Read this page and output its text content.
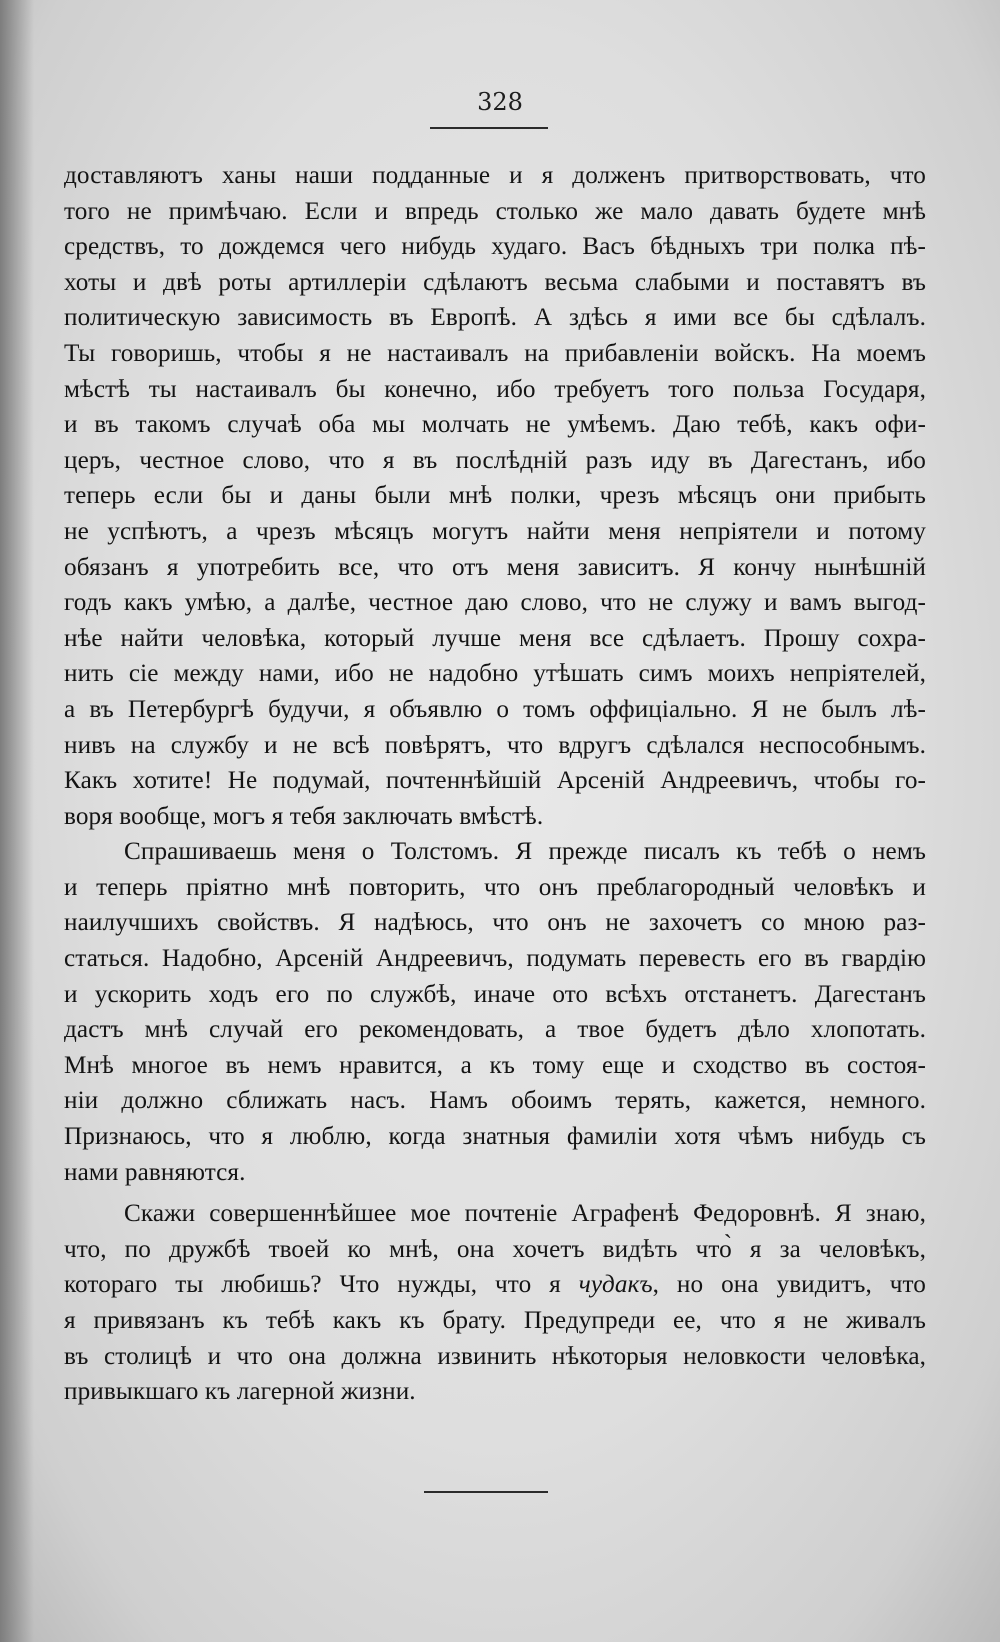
328
доставляютъ ханы наши подданные и я долженъ притворствовать, что
того не примѣчаю. Если и впредь столько же мало давать будете мнѣ
средствъ, то дождемся чего нибудь худаго. Васъ бѣдныхъ три полка пѣ-
хоты и двѣ роты артиллеріи сдѣлаютъ весьма слабыми и поставятъ въ
политическую зависимость въ Европѣ. А здѣсь я ими все бы сдѣлалъ.
Ты говоришь, чтобы я не настаивалъ на прибавленіи войскъ. На моемъ
мѣстѣ ты настаивалъ бы конечно, ибо требуетъ того польза Государя,
и въ такомъ случаѣ оба мы молчать не умѣемъ. Даю тебѣ, какъ офи-
церъ, честное слово, что я въ послѣдній разъ иду въ Дагестанъ, ибо
теперь если бы и даны были мнѣ полки, чрезъ мѣсяцъ они прибыть
не успѣютъ, а чрезъ мѣсяцъ могутъ найти меня непріятели и потому
обязанъ я употребить все, что отъ меня зависитъ. Я кончу нынѣшній
годъ какъ умѣю, а далѣе, честное даю слово, что не служу и вамъ выгод-
нѣе найти человѣка, который лучше меня все сдѣлаетъ. Прошу сохра-
нить сіе между нами, ибо не надобно утѣшать симъ моихъ непріятелей,
а въ Петербургѣ будучи, я объявлю о томъ оффиціально. Я не былъ лѣ-
нивъ на службу и не всѣ повѣрятъ, что вдругъ сдѣлался неспособнымъ.
Какъ хотите! Не подумай, почтеннѣйшій Арсеній Андреевичъ, чтобы го-
воря вообще, могъ я тебя заключать вмѣстѣ.
Спрашиваешь меня о Толстомъ. Я прежде писалъ къ тебѣ о немъ
и теперь пріятно мнѣ повторить, что онъ преблагородный человѣкъ и
наилучшихъ свойствъ. Я надѣюсь, что онъ не захочетъ со мною раз-
статься. Надобно, Арсеній Андреевичъ, подумать перевесть его въ гвардію
и ускорить ходъ его по службѣ, иначе ото всѣхъ отстанетъ. Дагестанъ
дастъ мнѣ случай его рекомендовать, а твое будетъ дѣло хлопотать.
Мнѣ многое въ немъ нравится, а къ тому еще и сходство въ состоя-
ніи должно сближать насъ. Намъ обоимъ терять, кажется, немного.
Признаюсь, что я люблю, когда знатныя фамиліи хотя чѣмъ нибудь съ
нами равняются.
Скажи совершеннѣйшее мое почтеніе Аграфенѣ Федоровнѣ. Я знаю,
что, по дружбѣ твоей ко мнѣ, она хочетъ видѣть что̀ я за человѣкъ,
котораго ты любишь? Что нужды, что я чудакъ, но она увидитъ, что
я привязанъ къ тебѣ какъ къ брату. Предупреди ее, что я не живалъ
въ столицѣ и что она должна извинить нѣкоторыя неловкости человѣка,
привыкшаго къ лагерной жизни.
